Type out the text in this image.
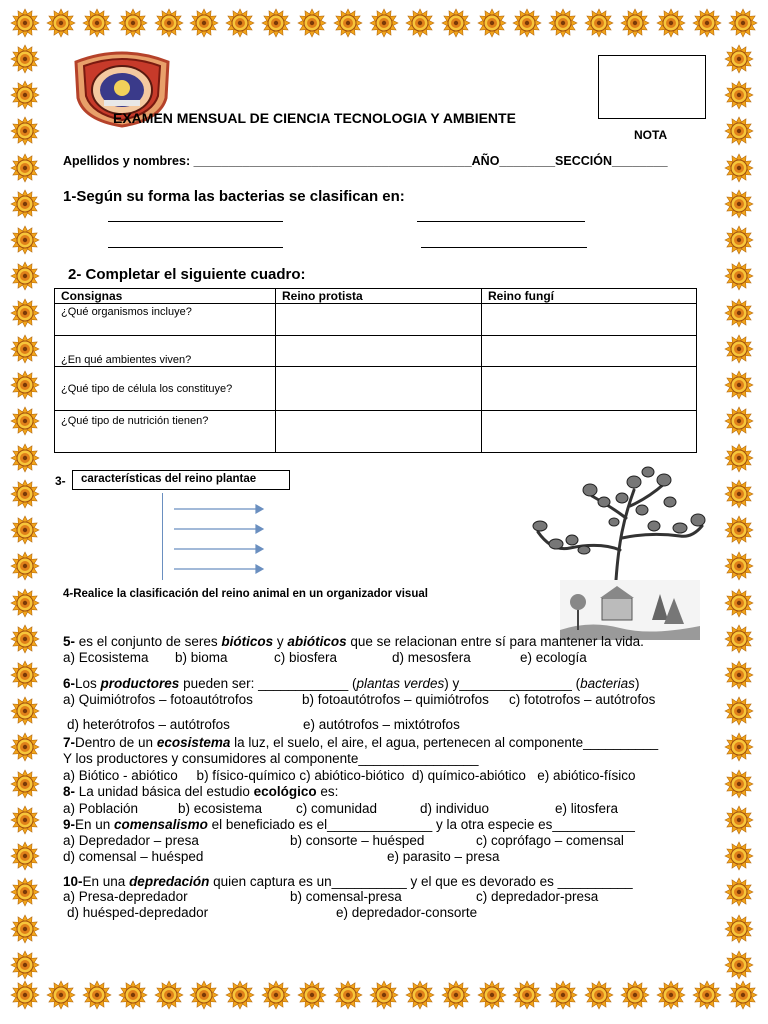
NOTA
EXAMEN MENSUAL DE CIENCIA TECNOLOGIA Y AMBIENTE
Apellidos y nombres: ________________________________________AÑO________SECCIÓN________
1-Según su forma las bacterias se clasifican en:
2- Completar el siguiente cuadro:
Consignas	Reino protista	Reino fungí
¿Qué organismos incluye?		
¿En qué ambientes viven?		
¿Qué tipo de célula los constituye?		
¿Qué tipo de nutrición tienen?		
3-	características del reino plantae
4-Realice la clasificación del reino animal en un organizador visual
5- es el conjunto de seres bióticos y abióticos que se relacionan entre sí para mantener la vida.
a) Ecosistema b) bioma	c) biosfera	d) mesosfera	e) ecología
6-Los productores pueden ser: ____________ (plantas verdes) y_______________ (bacterias)
a) Quimiótrofos – fotoautótrofos	b) fotoautótrofos – quimiótrofos c) fototrofos – autótrofos
d) heterótrofos – autótrofos	e) autótrofos – mixtótrofos
7-Dentro de un ecosistema la luz, el suelo, el aire, el agua, pertenecen al componente__________
Y los productores y consumidores al componente________________
a) Biótico - abiótico     b) físico-químico c) abiótico-biótico  d) químico-abiótico   e) abiótico-físico
8- La unidad básica del estudio ecológico es:
a) Población	b) ecosistema	c) comunidad	d) individuo	e) litosfera
9-En un comensalismo el beneficiado es el______________ y la otra especie es___________
a) Depredador – presa	b) consorte – huésped	c) coprófago – comensal
d) comensal – huésped	e) parasito – presa
10-En una depredación quien captura es un__________ y el que es devorado es __________
a) Presa-depredador	b) comensal-presa	c) depredador-presa
d) huésped-depredador	e) depredador-consorte
